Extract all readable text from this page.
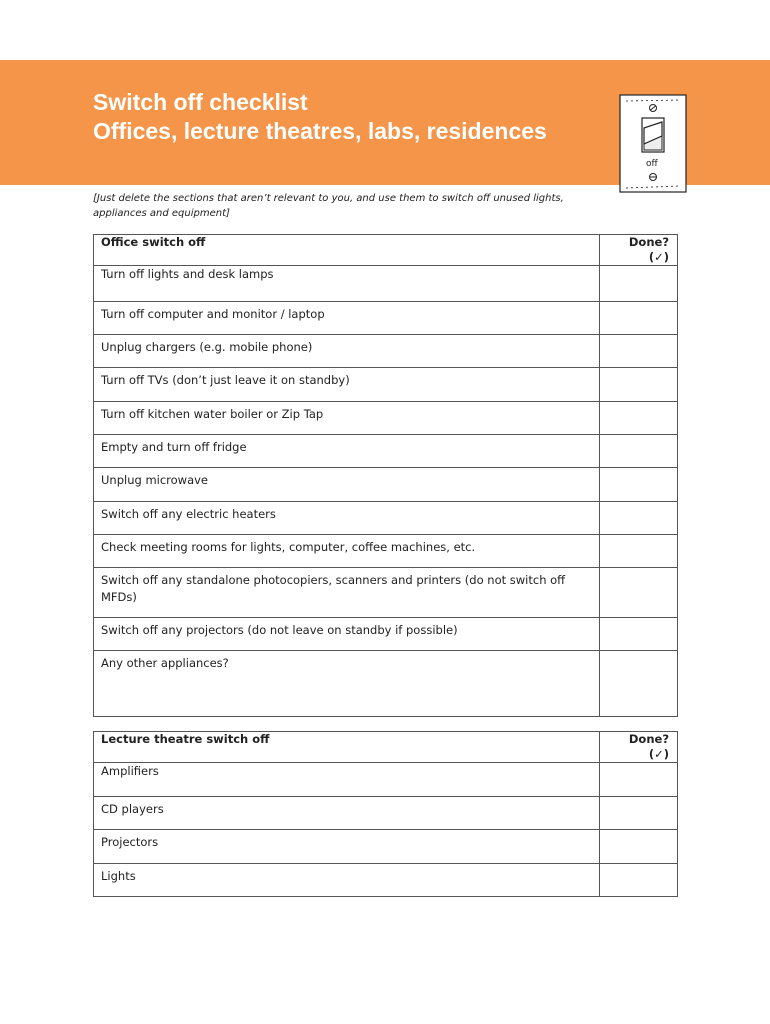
Switch off checklist
Offices, lecture theatres, labs, residences
off
[Just delete the sections that aren’t relevant to you, and use them to switch off unused lights, appliances and equipment]
Office switch off	Done? (✓)
Turn off lights and desk lamps	
Turn off computer and monitor / laptop	
Unplug chargers (e.g. mobile phone)	
Turn off TVs (don’t just leave it on standby)	
Turn off kitchen water boiler or Zip Tap	
Empty and turn off fridge	
Unplug microwave	
Switch off any electric heaters	
Check meeting rooms for lights, computer, coffee machines, etc.	
Switch off any standalone photocopiers, scanners and printers (do not switch off MFDs)	
Switch off any projectors (do not leave on standby if possible)	
Any other appliances?	
Lecture theatre switch off	Done? (✓)
Amplifiers	
CD players	
Projectors	
Lights	
